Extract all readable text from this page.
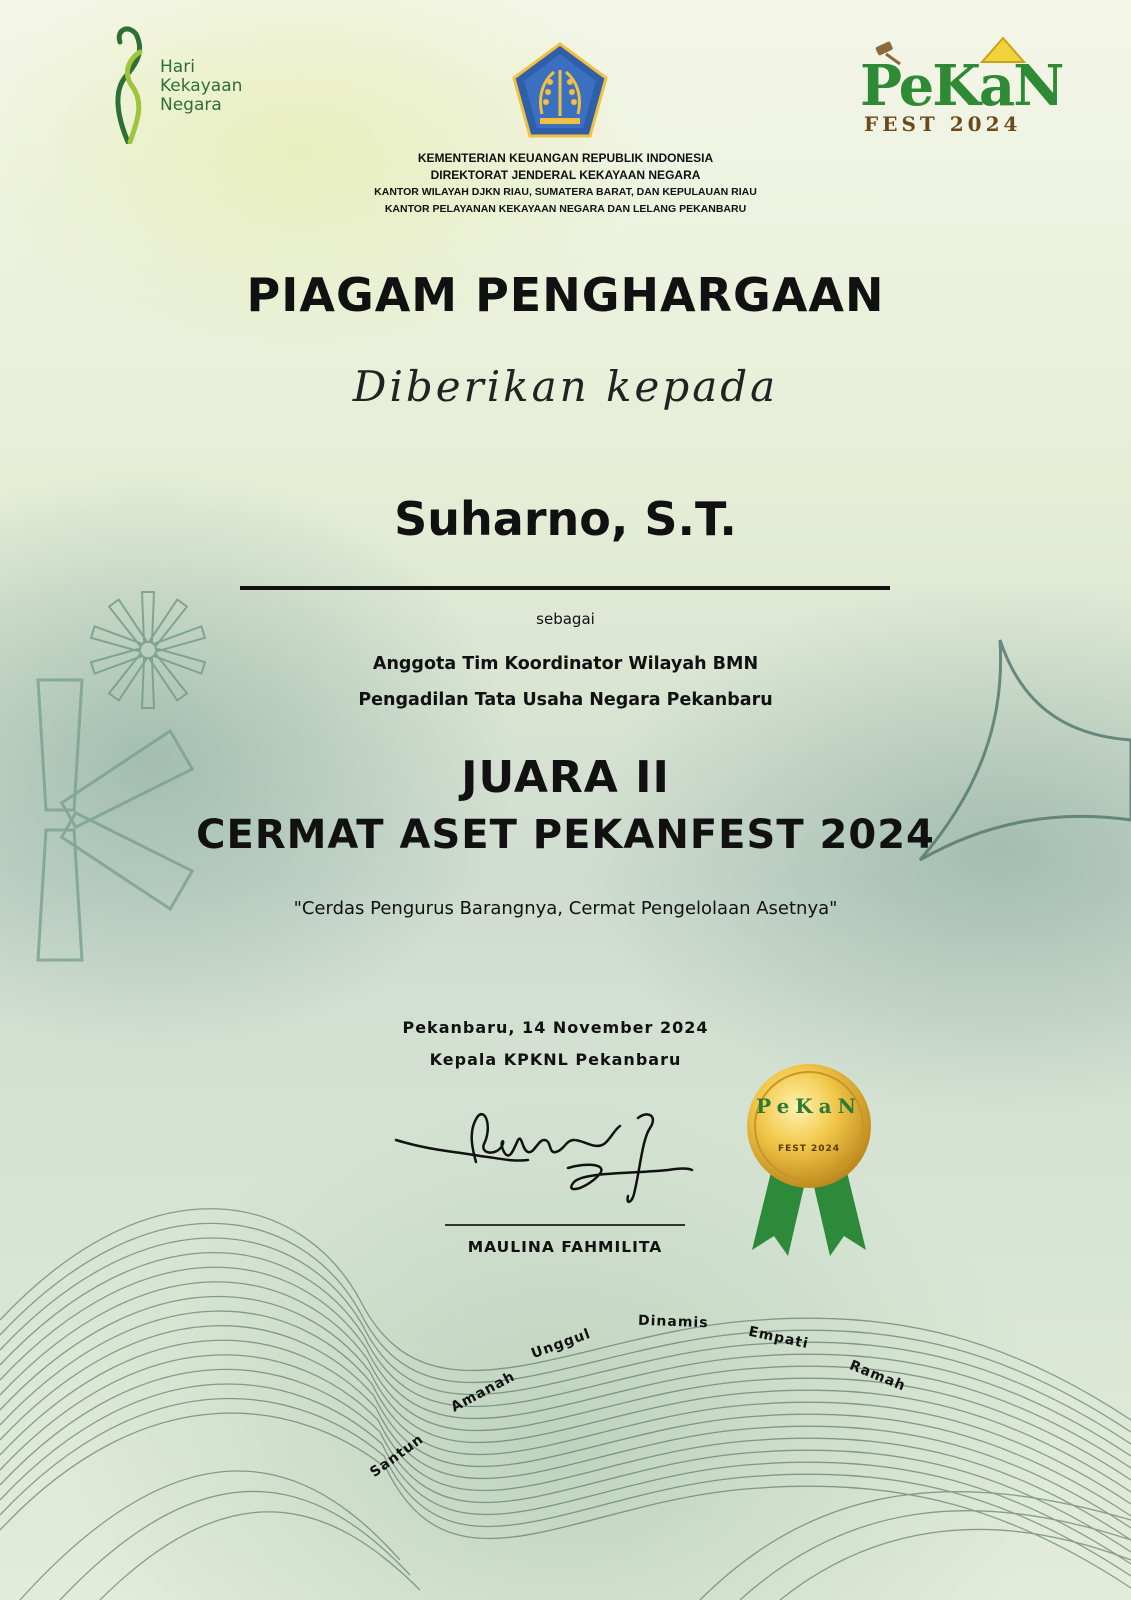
Hari
Kekayaan
Negara	PeKaN
FEST 2024
KEMENTERIAN KEUANGAN REPUBLIK INDONESIA
DIREKTORAT JENDERAL KEKAYAAN NEGARA
KANTOR WILAYAH DJKN RIAU, SUMATERA BARAT, DAN KEPULAUAN RIAU
KANTOR PELAYANAN KEKAYAAN NEGARA DAN LELANG PEKANBARU
PIAGAM PENGHARGAAN
Diberikan kepada
Suharno, S.T.
sebagai
Anggota Tim Koordinator Wilayah BMN
Pengadilan Tata Usaha Negara Pekanbaru
JUARA II
CERMAT ASET PEKANFEST 2024
"Cerdas Pengurus Barangnya, Cermat Pengelolaan Asetnya"
Pekanbaru, 14 November 2024
Kepala KPKNL Pekanbaru
MAULINA FAHMILITA
PeKaN
FEST 2024
Santun
Amanah
Unggul
Dinamis
Empati
Ramah
